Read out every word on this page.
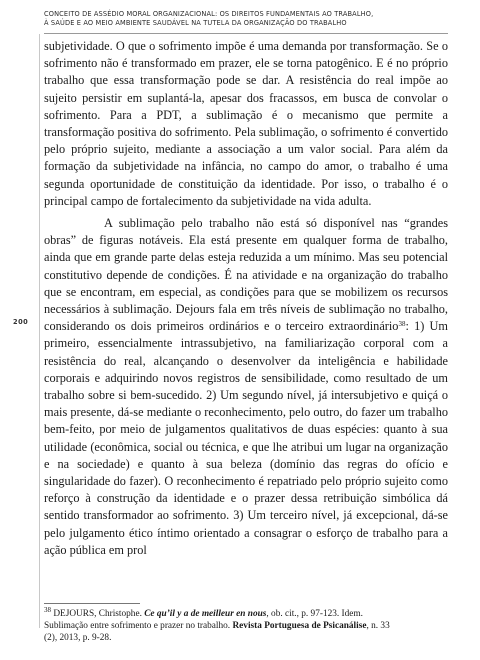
CONCEITO DE ASSÉDIO MORAL ORGANIZACIONAL: OS DIREITOS FUNDAMENTAIS AO TRABALHO,
À SAÚDE E AO MEIO AMBIENTE SAUDÁVEL NA TUTELA DA ORGANIZAÇÃO DO TRABALHO
200

subjetividade. O que o sofrimento impõe é uma demanda por transformação. Se o sofrimento não é transformado em prazer, ele se torna patogênico. E é no próprio trabalho que essa transformação pode se dar. A resistência do real impõe ao sujeito persistir em suplantá-la, apesar dos fracassos, em busca de convolar o sofrimento. Para a PDT, a sublimação é o mecanismo que permite a transformação positiva do sofrimento. Pela sublimação, o sofrimento é convertido pelo próprio sujeito, mediante a associação a um valor social. Para além da formação da subjetividade na infância, no campo do amor, o trabalho é uma segunda oportunidade de constituição da identidade. Por isso, o trabalho é o principal campo de fortalecimento da subjetividade na vida adulta.

A sublimação pelo trabalho não está só disponível nas “grandes obras” de figuras notáveis. Ela está presente em qualquer forma de trabalho, ainda que em grande parte delas esteja reduzida a um mínimo. Mas seu potencial constitutivo depende de condições. É na atividade e na organização do trabalho que se encontram, em especial, as condições para que se mobilizem os recursos necessários à sublimação. Dejours fala em três níveis de sublimação no trabalho, considerando os dois primeiros ordinários e o terceiro extraordinário$^{38}$: 1) Um primeiro, essencialmente intrassubjetivo, na familiarização corporal com a resistência do real, alcançando o desenvolver da inteligência e habilidade corporais e adquirindo novos registros de sensibilidade, como resultado de um trabalho sobre si bem-sucedido. 2) Um segundo nível, já intersubjetivo e quiçá o mais presente, dá-se mediante o reconhecimento, pelo outro, do fazer um trabalho bem-feito, por meio de julgamentos qualitativos de duas espécies: quanto à sua utilidade (econômica, social ou técnica, e que lhe atribui um lugar na organização e na sociedade) e quanto à sua beleza (domínio das regras do ofício e singularidade do fazer). O reconhecimento é repatriado pelo próprio sujeito como reforço à construção da identidade e o prazer dessa retribuição simbólica dá sentido transformador ao sofrimento. 3) Um terceiro nível, já excepcional, dá-se pelo julgamento ético íntimo orientado a consagrar o esforço de trabalho para a ação pública em prol

$^{38}$ DEJOURS, Christophe. Ce qu’il y a de meilleur en nous, ob. cit., p. 97-123. Idem.
Sublimação entre sofrimento e prazer no trabalho. Revista Portuguesa de Psicanálise, n. 33
(2), 2013, p. 9-28.
